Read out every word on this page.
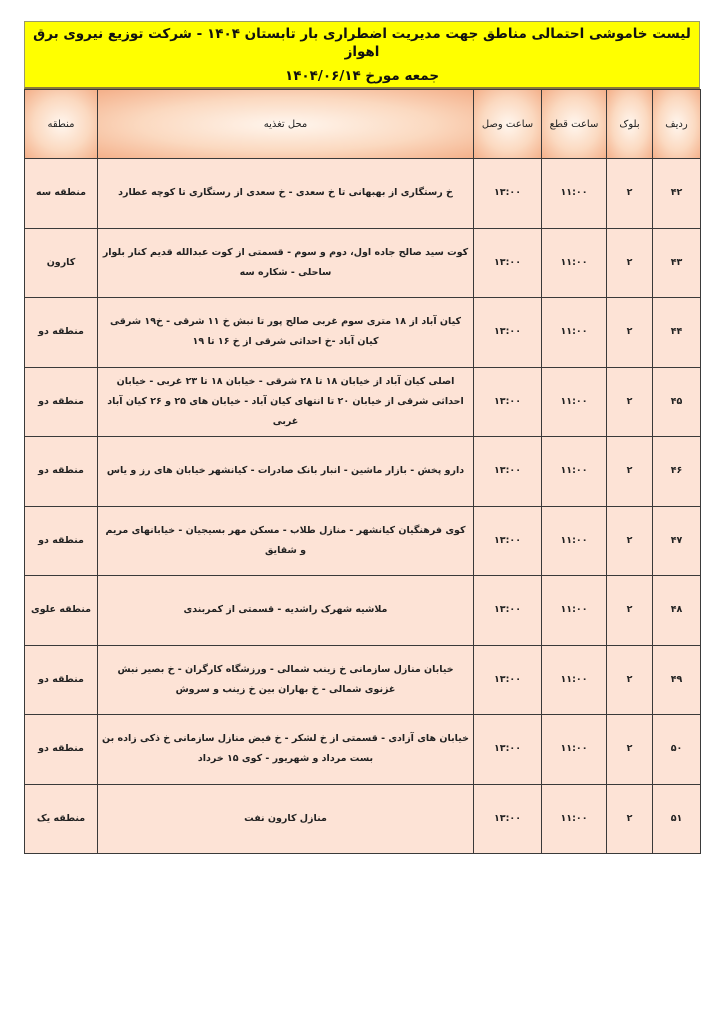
لیست خاموشی احتمالی مناطق جهت مدیریت اضطراری بار تابستان ۱۴۰۴ - شرکت توزیع نیروی برق اهواز
جمعه مورخ ۱۴۰۴/۰۶/۱۴
ردیف	بلوک	ساعت قطع	ساعت وصل	محل تغذیه	منطقه
۴۲	۲	۱۱:۰۰	۱۳:۰۰	خ رستگاری از بهبهانی تا خ سعدی - خ سعدی از رستگاری تا کوچه عطارد	منطقه سه
۴۳	۲	۱۱:۰۰	۱۳:۰۰	کوت سید صالح جاده اول، دوم و سوم - قسمتی از کوت عبدالله قدیم کنار بلوار ساحلی - شکاره سه	کارون
۴۴	۲	۱۱:۰۰	۱۳:۰۰	کیان آباد از ۱۸ متری سوم غربی صالح پور تا نبش خ ۱۱ شرقی - خ۱۹ شرقی کیان آباد -خ احداثی شرقی از خ ۱۶ تا ۱۹	منطقه دو
۴۵	۲	۱۱:۰۰	۱۳:۰۰	اصلی کیان آباد از خیابان ۱۸ تا ۲۸ شرقی - خیابان ۱۸ تا ۲۳ غربی - خیابان احداثی شرقی از خیابان ۲۰ تا انتهای کیان آباد - خیابان های ۲۵ و ۲۶ کیان آباد غربی	منطقه دو
۴۶	۲	۱۱:۰۰	۱۳:۰۰	دارو پخش - بازار ماشین - انبار بانک صادرات - کیانشهر خیابان های رز و یاس	منطقه دو
۴۷	۲	۱۱:۰۰	۱۳:۰۰	کوی فرهنگیان کیانشهر - منازل طلاب - مسکن مهر بسیجیان - خیابانهای مریم و شقایق	منطقه دو
۴۸	۲	۱۱:۰۰	۱۳:۰۰	ملاشیه شهرک راشدیه - قسمتی از کمربندی	منطقه علوی
۴۹	۲	۱۱:۰۰	۱۳:۰۰	خیابان منازل سازمانی خ زینب شمالی - ورزشگاه کارگران - خ بصیر نبش غزنوی شمالی - خ بهاران بین خ زینب و سروش	منطقه دو
۵۰	۲	۱۱:۰۰	۱۳:۰۰	خیابان های آزادی - قسمتی از خ لشکر - خ فیض منازل سازمانی خ ذکی زاده بن بست مرداد و شهریور - کوی ۱۵ خرداد	منطقه دو
۵۱	۲	۱۱:۰۰	۱۳:۰۰	منازل کارون نفت	منطقه یک
